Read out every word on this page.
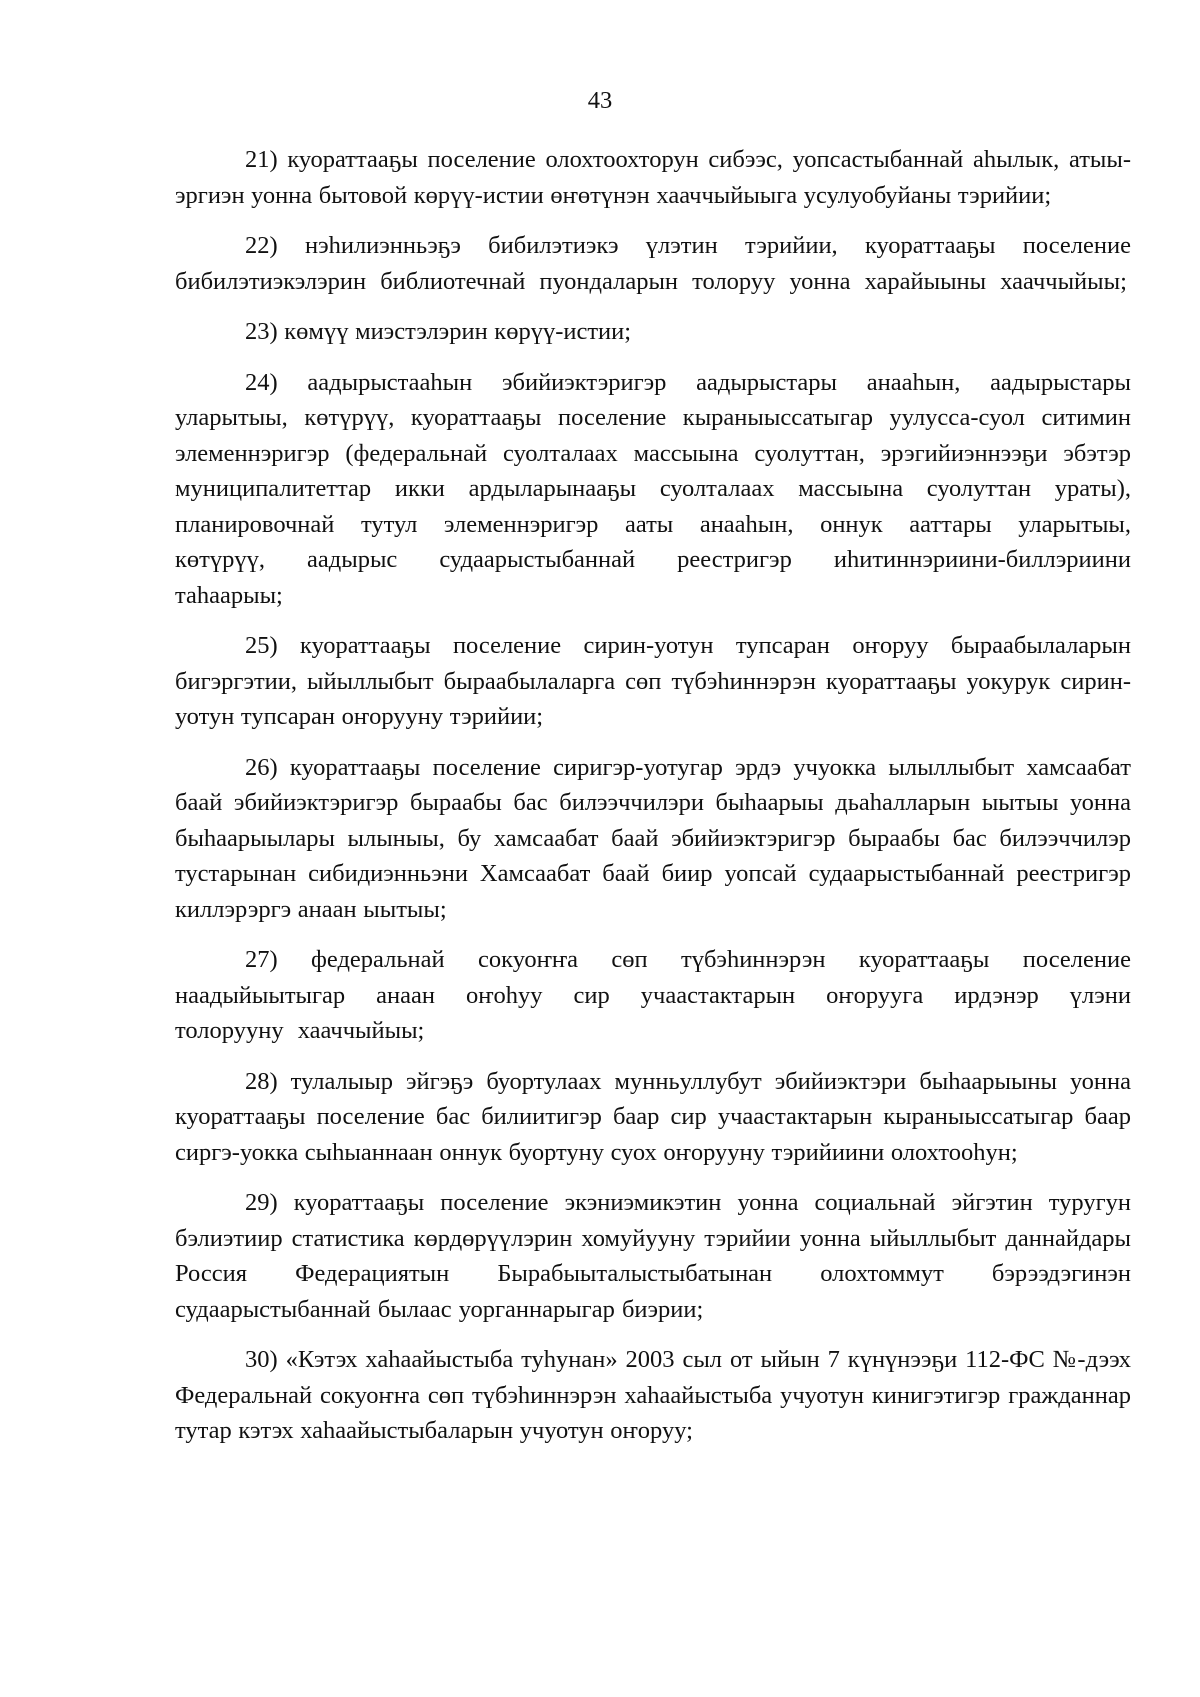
43

21) куораттааҕы поселение олохтоохторун сибээс, уопсастыбаннай аһылык, атыы-эргиэн уонна бытовой көрүү-истии өҥөтүнэн хааччыйыыга усулуобуйаны тэрийии;

22) нэһилиэнньэҕэ бибилэтиэкэ үлэтин тэрийии, куораттааҕы поселение бибилэтиэкэлэрин библиотечнай пуондаларын толоруу уонна харайыыны хааччыйыы;

23) көмүү миэстэлэрин көрүү-истии;

24) аадырыстааһын эбийиэктэригэр аадырыстары анааһын, аадырыстары уларытыы, көтүрүү, куораттааҕы поселение кыраныыссатыгар уулусса-суол ситимин элеменнэригэр (федеральнай суолталаах массыына суолуттан, эрэгийиэннээҕи эбэтэр муниципалитеттар икки ардыларынааҕы суолталаах массыына суолуттан ураты), планировочнай тутул элеменнэригэр ааты анааһын, оннук ааттары уларытыы, көтүрүү, аадырыс судаарыстыбаннай реестригэр иһитиннэриини-биллэриини таһаарыы;

25) куораттааҕы поселение сирин-уотун тупсаран оҥоруу быраабылаларын бигэргэтии, ыйыллыбыт быраабылаларга сөп түбэһиннэрэн куораттааҕы уокурук сирин-уотун тупсаран оҥорууну тэрийии;

26) куораттааҕы поселение сиригэр-уотугар эрдэ учуокка ылыллыбыт хамсаабат баай эбийиэктэригэр быраабы бас билээччилэри быһаарыы дьаһалларын ыытыы уонна быһаарыылары ылыныы, бу хамсаабат баай эбийиэктэригэр быраабы бас билээччилэр тустарынан сибидиэнньэни Хамсаабат баай биир уопсай судаарыстыбаннай реестригэр киллэрэргэ анаан ыытыы;

27) федеральнай сокуоҥҥа сөп түбэһиннэрэн куораттааҕы поселение наадыйыытыгар анаан оҥоһуу сир учаастактарын оҥорууга ирдэнэр үлэни толорууну хааччыйыы;

28) тулалыыр эйгэҕэ буортулаах мунньуллубут эбийиэктэри быһаарыыны уонна куораттааҕы поселение бас билиитигэр баар сир учаастактарын кыраныыссатыгар баар сиргэ-уокка сыһыаннаан оннук буортуну суох оҥорууну тэрийиини олохтооһун;

29) куораттааҕы поселение экэниэмикэтин уонна социальнай эйгэтин туругун бэлиэтиир статистика көрдөрүүлэрин хомуйууну тэрийии уонна ыйыллыбыт даннайдары Россия Федерациятын Бырабыыталыстыбатынан олохтоммут бэрээдэгинэн судаарыстыбаннай былаас уорганнарыгар биэрии;

30) «Кэтэх хаһаайыстыба туһунан» 2003 сыл от ыйын 7 күнүнээҕи 112-ФС №-дээх Федеральнай сокуоҥҥа сөп түбэһиннэрэн хаһаайыстыба учуотун кинигэтигэр гражданнар тутар кэтэх хаһаайыстыбаларын учуотун оҥоруу;
